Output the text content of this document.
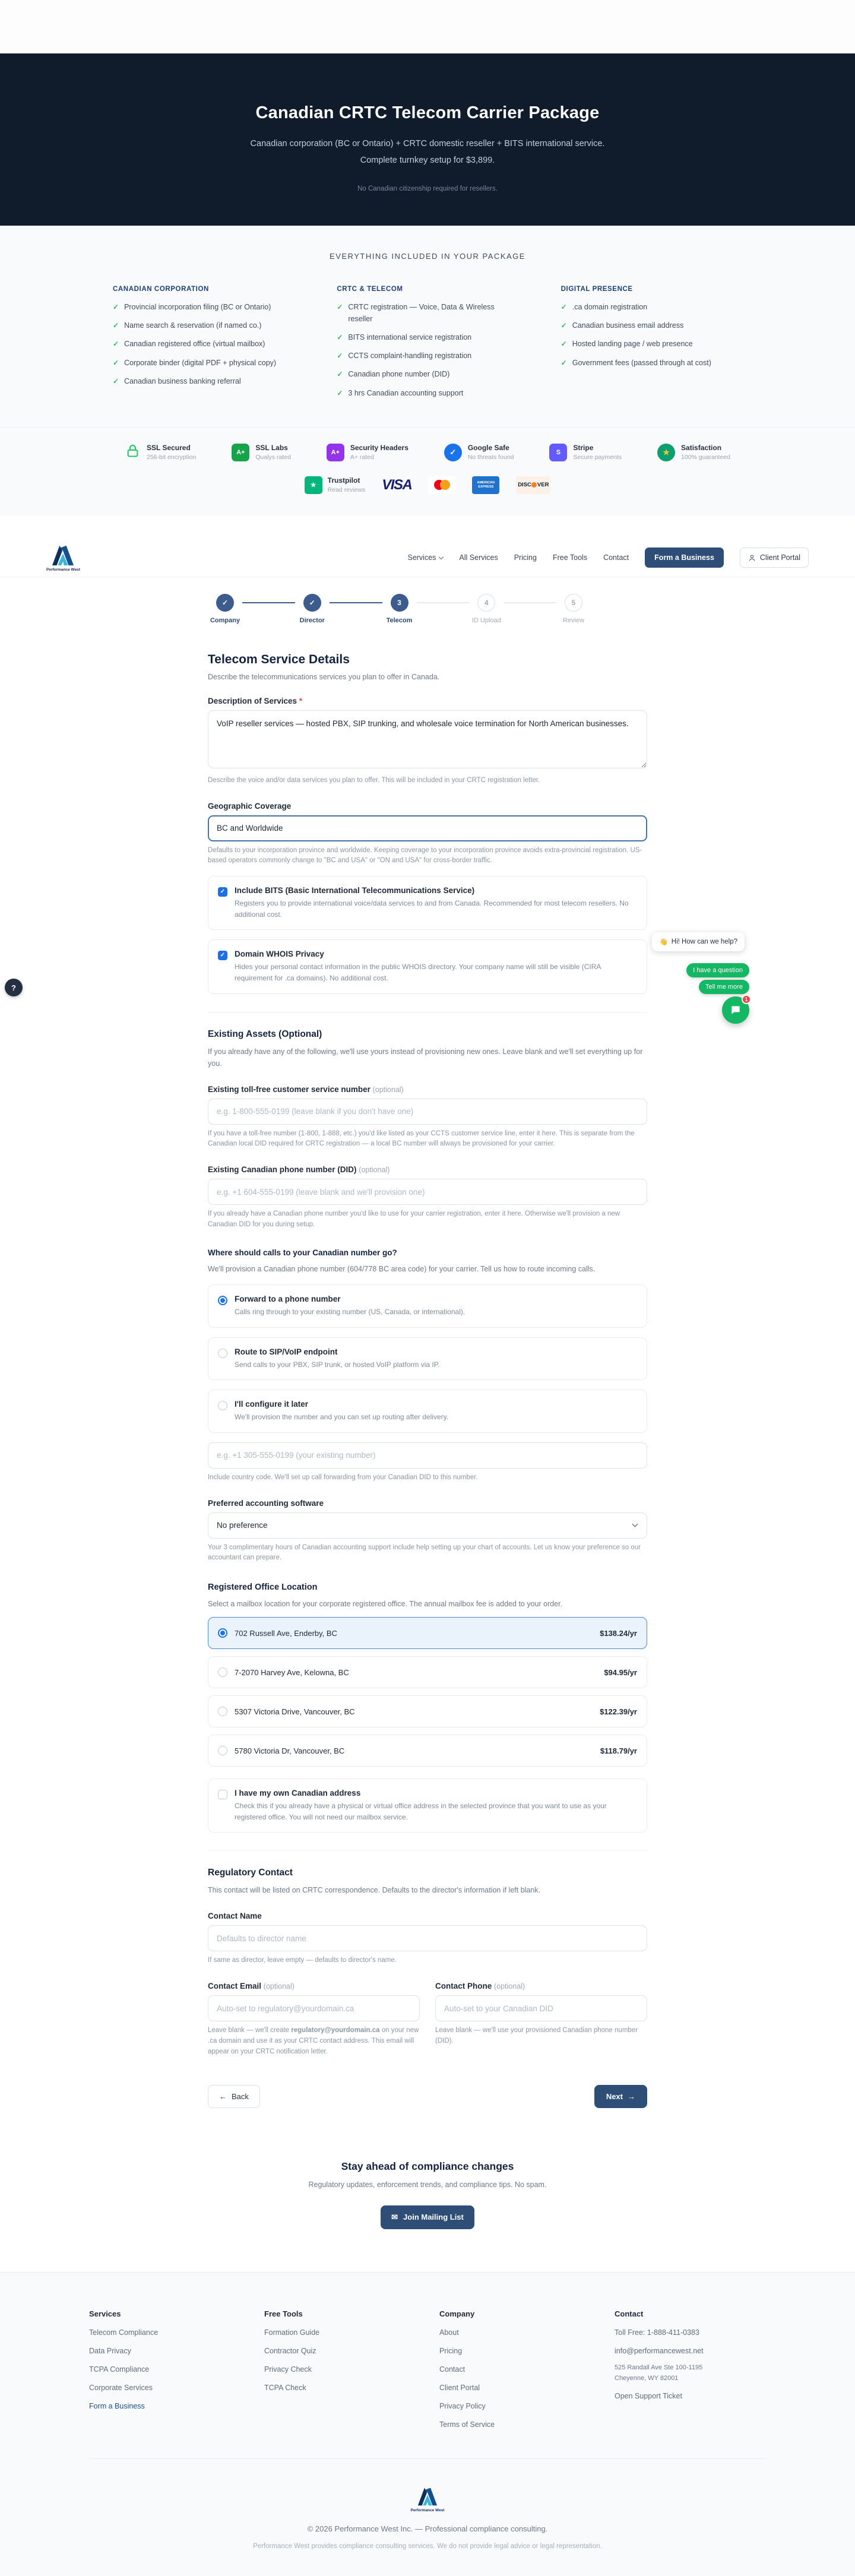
Canadian CRTC Telecom Carrier Package

Canadian corporation (BC or Ontario) + CRTC domestic reseller + BITS international service. Complete turnkey setup for $3,899.

No Canadian citizenship required for resellers.

EVERYTHING INCLUDED IN YOUR PACKAGE
CANADIAN CORPORATION
✓ Provincial incorporation filing (BC or Ontario)
✓ Name search & reservation (if named co.)
✓ Canadian registered office (virtual mailbox)
✓ Corporate binder (digital PDF + physical copy)
✓ Canadian business banking referral
CRTC & TELECOM
✓ CRTC registration — Voice, Data & Wireless reseller
✓ BITS international service registration
✓ CCTS complaint-handling registration
✓ Canadian phone number (DID)
✓ 3 hrs Canadian accounting support
DIGITAL PRESENCE
✓ .ca domain registration
✓ Canadian business email address
✓ Hosted landing page / web presence
✓ Government fees (passed through at cost)
SSL Secured
256-bit encryption
A+
SSL Labs
Qualys rated
A+
Security Headers
A+ rated
✓	Google Safe
No threats found
S
Stripe
Secure payments
★	Satisfaction
100% guaranteed
★
Trustpilot
Read reviews VISA	AMERICAN EXPRESS	DISC VER
Performance West
Services	All Services Pricing Free Tools Contact	Form a Business	Client Portal
✓
Company
✓
Director
3
Telecom
4
ID Upload
5
Review
Telecom Service Details

Describe the telecommunications services you plan to offer in Canada.

Description of Services *
VoIP reseller services — hosted PBX, SIP trunking, and wholesale voice termination for North American businesses.
Describe the voice and/or data services you plan to offer. This will be included in your CRTC registration letter.
Geographic Coverage
BC and Worldwide
Defaults to your incorporation province and worldwide. Keeping coverage to your incorporation province avoids extra-provincial registration. US-based operators commonly change to "BC and USA" or "ON and USA" for cross-border traffic.
✓ Include BITS (Basic International Telecommunications Service)
Registers you to provide international voice/data services to and from Canada. Recommended for most telecom resellers. No additional cost.
✓ Domain WHOIS Privacy
Hides your personal contact information in the public WHOIS directory. Your company name will still be visible (CIRA requirement for .ca domains). No additional cost.
Existing Assets (Optional)
If you already have any of the following, we'll use yours instead of provisioning new ones. Leave blank and we'll set everything up for you.
Existing toll-free customer service number (optional)
e.g. 1-800-555-0199 (leave blank if you don't have one)
If you have a toll-free number (1-800, 1-888, etc.) you'd like listed as your CCTS customer service line, enter it here. This is separate from the Canadian local DID required for CRTC registration — a local BC number will always be provisioned for your carrier.
Existing Canadian phone number (DID) (optional)
e.g. +1 604-555-0199 (leave blank and we'll provision one)
If you already have a Canadian phone number you'd like to use for your carrier registration, enter it here. Otherwise we'll provision a new Canadian DID for you during setup.
Where should calls to your Canadian number go?
We'll provision a Canadian phone number (604/778 BC area code) for your carrier. Tell us how to route incoming calls.
Forward to a phone number
Calls ring through to your existing number (US, Canada, or international).
Route to SIP/VoIP endpoint
Send calls to your PBX, SIP trunk, or hosted VoIP platform via IP.
I'll configure it later
We'll provision the number and you can set up routing after delivery.
e.g. +1 305-555-0199 (your existing number)
Include country code. We'll set up call forwarding from your Canadian DID to this number.
Preferred accounting software
No preference
Your 3 complimentary hours of Canadian accounting support include help setting up your chart of accounts. Let us know your preference so our accountant can prepare.
Registered Office Location
Select a mailbox location for your corporate registered office. The annual mailbox fee is added to your order.
702 Russell Ave, Enderby, BC	$138.24/yr
7-2070 Harvey Ave, Kelowna, BC	$94.95/yr
5307 Victoria Drive, Vancouver, BC	$122.39/yr
5780 Victoria Dr, Vancouver, BC	$118.79/yr
I have my own Canadian address
Check this if you already have a physical or virtual office address in the selected province that you want to use as your registered office. You will not need our mailbox service.
Regulatory Contact
This contact will be listed on CRTC correspondence. Defaults to the director's information if left blank.
Contact Name
Defaults to director name
If same as director, leave empty — defaults to director's name.
Contact Email (optional)
Auto-set to regulatory@yourdomain.ca
Leave blank — we'll create regulatory@yourdomain.ca on your new .ca domain and use it as your CRTC contact address. This email will appear on your CRTC notification letter.
Contact Phone (optional)
Auto-set to your Canadian DID
Leave blank — we'll use your provisioned Canadian phone number (DID).
← Back	Next →
Stay ahead of compliance changes
Regulatory updates, enforcement trends, and compliance tips. No spam.
✉ Join Mailing List
Services
Telecom Compliance
Data Privacy
TCPA Compliance
Corporate Services
Form a Business
Free Tools
Formation Guide
Contractor Quiz
Privacy Check
TCPA Check
Company
About
Pricing
Contact
Client Portal
Privacy Policy
Terms of Service
Contact
Toll Free: 1-888-411-0383
info@performancewest.net
525 Randall Ave Ste 100-1195
Cheyenne, WY 82001
Open Support Ticket
Performance West
© 2026 Performance West Inc. — Professional compliance consulting.
Performance West provides compliance consulting services. We do not provide legal advice or legal representation.
?
👋 Hi! How can we help?
I have a question
Tell me more
1
